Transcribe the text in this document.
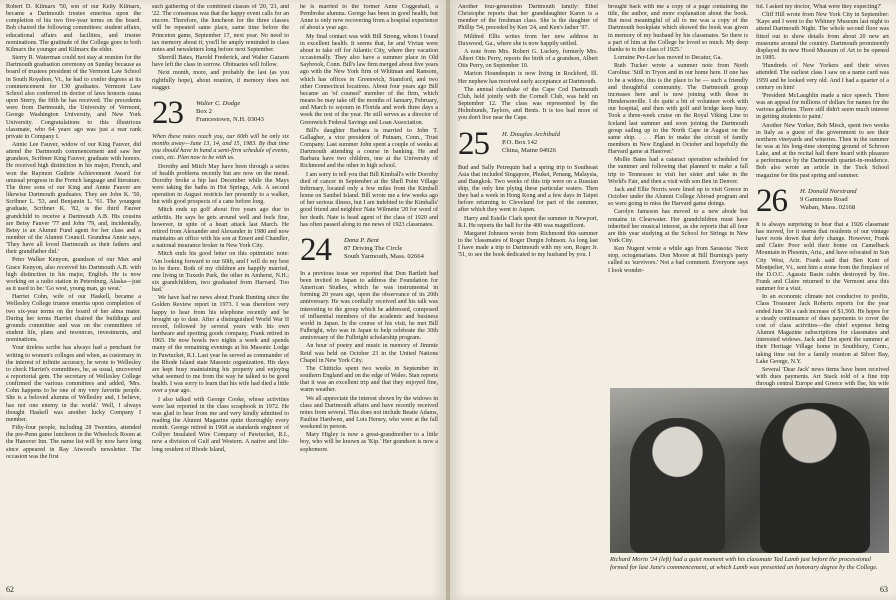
Robert D. Kilmarx '50, son of our Kelly Kilmarx, became a Dartmouth trustee emeritus upon the completion of his two five-year terms on the board. Bob chaired the following committees: student affairs, educational affairs and facilities, and trustee nominations. The gratitude of the College goes to both Kilmarx the younger and Kilmarx the elder.

Sterry R. Waterman could not stay at reunion for the Dartmouth graduation ceremony on Sunday because as board of trustees president of the Vermont Law School in South Royalton, Vt., he had to confer degrees at its commencement for 130 graduates. Vermont Law School also conferred its doctor of laws honoris causa upon Sterry, the fifth he has received. The precedents were from Dartmouth, the University of Vermont, George Washington University, and New York University. Congratulations to this illustrious classmate, who 64 years ago was just a rear rank private in Company I.

Annie Lee Fauver, widow of our King Fauver, did attend the Dartmouth commencement and saw her grandson, Scribner King Fauver, graduate with honors. He received high distinction in his major, French, and won the Raymon Guthrie Achievement Award for unusual progress in the French language and literature. The three sons of our King and Annie Fauver are likewise Dartmouth graduates. They are John K. '50, Scribner L. '53, and Benjamin L. '61. The youngest graduate, Scribner K. '82, is the third Fauver grandchild to receive a Dartmouth A.B. His cousins are Betsy Fauver '77 and John '79, and, incidentally, Betsy is an Alumni Fund agent for her class and a member of the Alumni Council. Grandma Annie says, 'They have all loved Dartmouth as their fathers and their grandfather did.'

Peter Walker Kenyon, grandson of our Max and Grace Kenyon, also received his Dartmouth A.B. with high distinction in his major, English. He is now working on a radio station in Petersburg, Alaska—just as it used to be: 'Go west, young man, go west.'

Harriet Cohn, wife of our Haskell, became a Wellesley College trustee emerita upon completion of two six-year terms on the board of her alma mater. During her terms Harriet chaired the buildings and grounds committee and was on the committees of student life, plans and resources, investments, and nominations.

Your tireless scribe has always had a penchant for writing to women's colleges and when, as customary in the interest of infinite accuracy, he wrote to Wellesley to check Harriet's committees, he, as usual, uncovered a reportorial gem. The secretary of Wellesley College confirmed the various committees and added, 'Mrs. Cohn happens to be one of my very favorite people. She is a beloved alumna of Wellesley and, I believe, has not one enemy in the world.' Well, I always thought Haskell was another lucky Company I member.

Fifty-four people, including 28 Twenties, attended the pre-Penn game luncheon in the Wheelock Room at the Hanover Inn. The name list will by now have long since appeared in Ray Atwood's newsletter. The occasion was the first

such gathering of the combined classes of '20, '21, and '22. The consensus was that the happy event calls for an encore. Therefore, the luncheon for the three classes will be repeated same place, same time before the Princeton game, September 17, next year. No need to tax memory about it; you'll be amply reminded in class notes and newsletters long before next September.

Sherrill Bates, Harold Frederick, and Walter Gazaret have left the class in sorrow. Obituaries will follow.

Next month, more, and probably the last (as you rightfully hope), about reunion, if memory does not stagger.

23	Walter C. Dodge
Box 2
Francestown, N.H. 03043

When these notes reach you, our 60th will be only six months away—June 13, 14, and 15, 1983. By that time you should have in hand a semi-firm schedule of events, costs, etc. Plan now to be with us.

Dorothy and Mitch May have been through a series of health problems recently but are now on the mend. Dorothy broke a hip last December while the Mays were taking the baths in Hot Springs, Ark. A second operation in August restricts her presently to a walker, but with good prospects of a cane before long.

Mitch ends up golf about five years ago due to arthritis. He says he gets around well and feels fine, however, in spite of a heart attack last March. He retired from Alexander and Alexander in 1980 and now maintains an office with his son at Emert and Chandler, a national insurance broker in New York City.

Mitch ends his good letter on this optimistic note: 'Am looking forward to our 60th, and I will do my best to be there. Both of my children are happily married, one living in Tuxedo Park, the other in Amherst, N.H.; six grandchildren, two graduated from Harvard. Too bad.'

We have had no news about Frank Bunting since the Golden Review report in 1973. I was therefore very happy to hear from his telephone recently and be brought up to date. After a distinguished World War II record, followed by several years with his own hardware and sporting goods company, Frank retired in 1965. He now bowls two nights a week and spends many of the remaining evenings at his Masonic Lodge in Pawtucket, R.I. Last year he served as commander of the Rhode Island state Masonic organization. His days are kept busy maintaining his property and enjoying what seemed to me from the way he talked to be good health. I was sorry to learn that his wife had died a little over a year ago.

I also talked with George Cooke, whose activities were last reported in the class scrapbook in 1972. He was glad to hear from me and very kindly admitted to reading the Alumni Magazine quite thoroughly every month. George retired in 1968 as standards engineer of Collyer Insulated Wire Company of Pawtucket, R.I., now a division of Gulf and Western. A native and life-long resident of Rhode Island,

he is married to the former Anne Coggeshall, a Pembroke alumna. George has been in good health, but Anne is only now recovering from a hospital experience of about a year ago.

My final contact was with Bill Strong, whom I found in excellent health. It seems that, he and Vivian were about to take off for Atlantic City, where they vacation occasionally. They also have a summer place in Old Saybrook, Conn. Bill's law firm merged about five years ago with the New York firm of Whitman and Ransom, which has offices in Greenwich, Stamford, and two other Connecticut locations. About four years ago Bill became an 'of counsel' member of the firm, which means he may take off the months of January, February, and March to sojourn in Florida and work three days a week the rest of the year. He still serves as a director of Greenwich Federal Savings and Loan Association.

Bill's daughter Barbara is married to John T. Gallagher, a vice president of Putnam, Conn., Trust Company. Last summer John spent a couple of weeks at Dartmouth attending a course in banking. He and Barbara have two children, one at the University of Richmond and the other in high school.

I am sorry to tell you that Bill Kimball's wife Dorothy died of cancer in September at the Shell Point Village Infirmary, located only a few miles from the Kimball home on Sanibel Island. Bill wrote me a few weeks ago of her serious illness, but I am indebted to the Kimballs' good friend and neighbor Nate Wilmette '20 for word of her death. Nate is head agent of the class of 1920 and has often passed along to me news of 1923 classmates.

24	Dana P. Bent
87 Driving The Circle
South Yarmouth, Mass. 02664

In a previous issue we reported that Don Bartlett had been invited to Japan to address the Foundation for American Studies, which he was instrumental in forming 20 years ago, upon the observance of its 20th anniversary. He was cordially received and his talk was interesting to the group which he addressed, composed of influential members of the academic and business world in Japan. In the course of his visit, he met Bill Fulbright, who was in Japan to help celebrate the 30th anniversary of the Fulbright scholarship program.

An hour of poetry and music in memory of Jimmie Reid was held on October 23 in the United Nations Chapel in New York City.

The Chitticks spent two weeks in September in southern England and on the edge of Wales. Stan reports that it was an excellent trip and that they enjoyed fine, warm weather.

We all appreciate the interest shown by the widows in class and Dartmouth affairs and have recently received notes from several. This does not include Beatie Adams, Pauline Hardwen, and Lois Hersey, who were at the fall weekend in person.

Mary Higley is now a great-grandmother to a little boy, who will be known as 'Kip.' Her grandson is now a sophomore.

62

Another four-generation Dartmouth family: Ethel Christophe reports that her granddaughter Karen is a member of the freshman class. She is the daughter of Phillip '54, preceded by Ken '24, and Ken's father '97.

Mildred Ellis writes from her new address in Duxwood, Ga., where she is now happily settled.

A note from Mrs. Robert G. Luckey, formerly Mrs. Albert Otis Perry, reports the birth of a grandson, Albert Otis Perry, on September 10.

Marion Houndequin is now living in Rockford, Ill. Her nephew has received early acceptance at Dartmouth.

The annual clambake of the Cape Cod Dartmouth Club, held jointly with the Cornell Club, was held on September 12. The class was represented by the Holmbunds, Taylors, and Bents. It is too bad more of you don't live near the Cape.

25	H. Douglas Archibald
P.O. Box 142
China, Maine 04926

Bud and Sally Petrequin had a spring trip to Southeast Asia that included Singapore, Phuket, Penang, Malaysia, and Bangkok. Two weeks of this trip were on a Russian ship, the only line plying these particular waters. Then they had a week in Hong Kong and a few days in Taipei before returning to Cleveland for part of the summer, after which they went to Aspen.

Harry and Estelle Clark spent the summer in Newport, R.I. He reports the ball for the 400 was magnificent.

Margaret Johnson wrote from Richmond this summer to the 'classmates of Roger Durgin Johnson. As long last I have made a trip to Dartmouth with my son, Roger Jr. '51, to see the book dedicated to my husband by you. I

brought back with me a copy of a page containing the title, the author, and more explanation about the book. But most meaningful of all to me was a copy of the Dartmouth bookplate which showed the book was given in memory of my husband by his classmates. So there is a part of him at the College he loved so much. My deep thanks to to the class of 1925.'

Lorraine Per-Lee has moved to Decatur, Ga.

Ruth Tucker wrote a summer note from North Carolina: 'Still in Tryon and in our home here. If one has to be a widow, this is the place to be — such a friendly and thoughtful community. The Dartmouth group increases here and is now joining with those in Hendersonville. I do quite a bit of volunteer work with our hospital, and then with golf and bridge keep busy. Took a three-week cruise on the Royal Viking Line to Iceland last summer and soon joining the Dartmouth group sailing up to the North Cape in August on the same ship. . . . Plan to make the circuit of family members in New England in October and hopefully the Harvard game at Hanover.'

Mollie Bates had a cataract operation scheduled for the summer and following that planned to make a fall trip to Tennessee to visit her sister and take in the World's Fair, and then a visit with son Ben in Denver.

Jack and Ellie Norris were lined up to visit Greece in October under the Alumni College Abroad program and so were going to miss the Harvard game doings.

Carolyn Jameson has moved to a new abode but remains in Clearwater. Her grandchildren must have inherited her musical interest, as she reports that all four are this year studying at the School for Strings in New York City.

Ken Nugent wrote a while ago from Sarasota: 'Next stop, octogenarians. Don Moore at Bill Burning's party called us 'survivors.' Not a bad comment. Everyone says I look wonder-

ful. I asked my doctor, 'What were they expecting?'

Cliff Hill wrote from New York City in September: 'Kaye and I went to the Whitney Museum last night to attend Dartmouth Night. The whole second floor was fitted out to show details from about 20 new art museums around the country. Dartmouth prominently displayed its new Hood Museum of Art to be opened in 1985.

'Hundreds of New Yorkers and their wives attended. The earliest class I saw on a name card was 1959 and he looked very old. And I had a quarter of a century on him!

'President McLaughlin made a nice speech. There was an appeal for millions of dollars for names for the various galleries. There still didn't seem much interest in getting students to paint.'

Another New Yorker, Bob Misch, spent two weeks in Italy as a guest of the government to see their northern vineyards and wineries. Then in the summer he was at his long-time stomping ground of Schroon Lake, and at the recital hall there heard with pleasure a performance by the Dartmouth quartet-in-residence. Bob also wrote an article in the Tuck School magazine for this past spring and summer.

26	H. Donald Norstrand
9 Gammons Road
Waban, Mass. 02168

It is always surprising to hear that a 1926 classmate has moved, for it seems that residents of our vintage have roots down that defy change. However, Frank and Claire Poor sold their home on Camelback Mountain in Phoenix, Ariz., and have relocated in Sun City West, Ariz. Frank said that Ben Kent of Montpelier, Vt., sent him a stone from the fireplace of the D.O.C. Agassiz Basin cabin destroyed by fire. Frank and Claire returned to the Vermont area this summer for a visit.

In an economic climate not conducive to profits, Class Treasurer Jack Roberts reports for the year ended June 30 a cash increase of $1,560. He hopes for a steady continuance of dues payments to cover the cost of class activities—the chief expense being Alumni Magazine subscriptions for classmates and interested widows. Jack and Dot spent the summer at their Heritage Village home in Southbury, Conn., taking time out for a family reunion at Silver Bay, Lake George, N.Y.

Several 'Dear Jack' news items have been received with dues payments. Art Stack told of a fine trip through central Europe and Greece with Ilse, his wife

Richard Morin '24 (left) had a quiet moment with his classmate Tad Lamb just before the processional formed for last June's commencement, at which Lamb was presented an honorary degree by the College.
63
